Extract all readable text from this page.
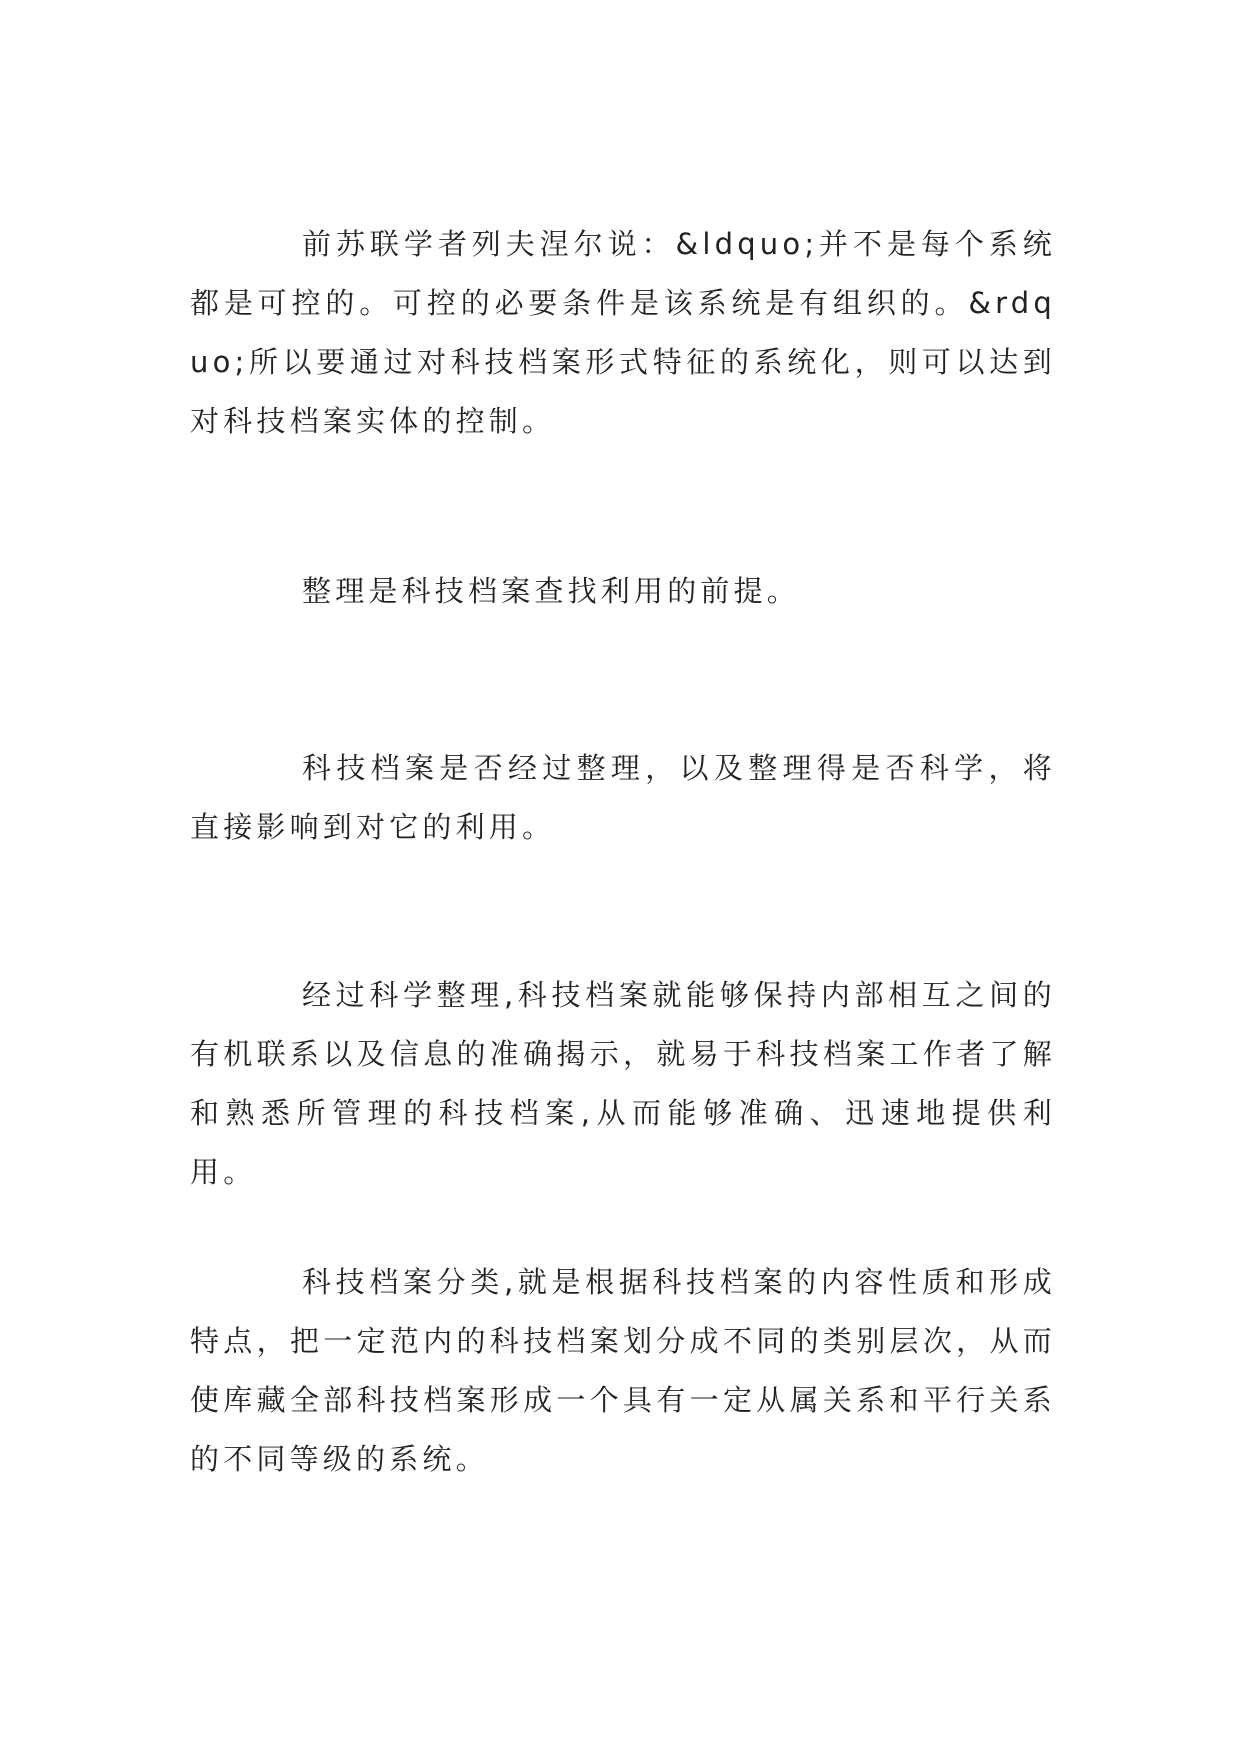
前苏联学者列夫涅尔说：&ldquo;并不是每个系统都是可控的。可控的必要条件是该系统是有组织的。&rdquo;所以要通过对科技档案形式特征的系统化，则可以达到对科技档案实体的控制。

整理是科技档案查找利用的前提。

科技档案是否经过整理，以及整理得是否科学，将直接影响到对它的利用。

经过科学整理,科技档案就能够保持内部相互之间的有机联系以及信息的准确揭示，就易于科技档案工作者了解和熟悉所管理的科技档案,从而能够准确、迅速地提供利用。

科技档案分类,就是根据科技档案的内容性质和形成特点，把一定范内的科技档案划分成不同的类别层次，从而使库藏全部科技档案形成一个具有一定从属关系和平行关系的不同等级的系统。
